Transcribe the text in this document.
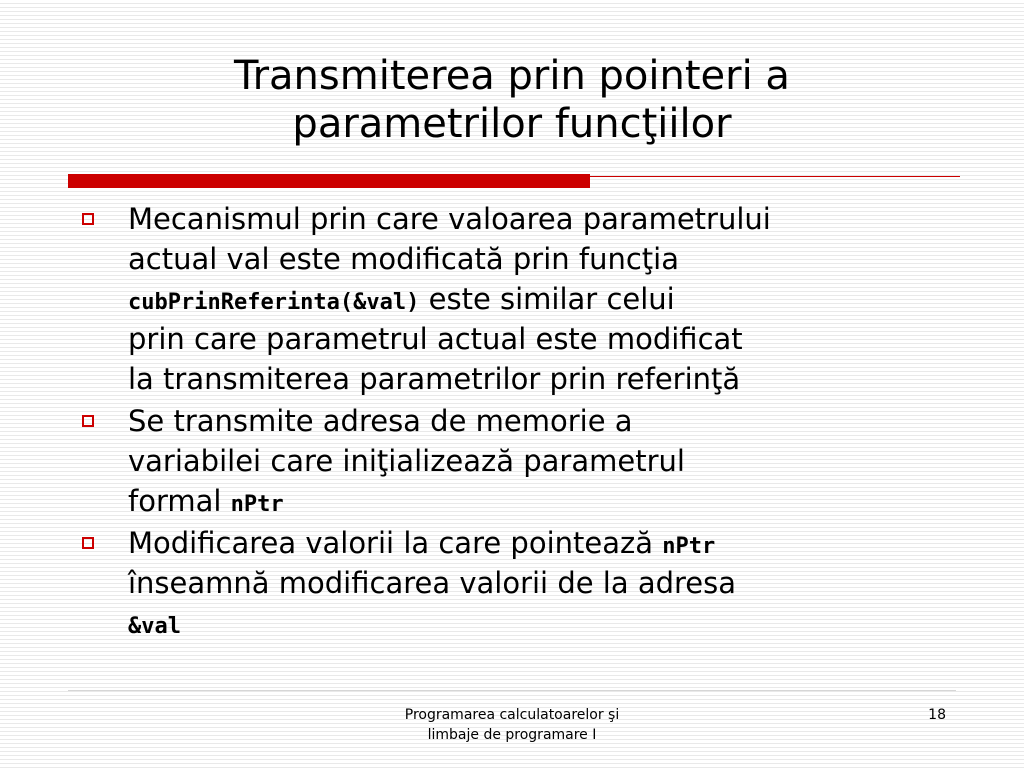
Transmiterea prin pointeri a
parametrilor funcţiilor
Mecanismul prin care valoarea parametrului
actual val este modificată prin funcţia
cubPrinReferinta(&val) este similar celui
prin care parametrul actual este modificat
la transmiterea parametrilor prin referinţă
Se transmite adresa de memorie a
variabilei care iniţializează parametrul
formal nPtr
Modificarea valorii la care pointează nPtr
înseamnă modificarea valorii de la adresa
&val
Programarea calculatoarelor şi
limbaje de programare I
18
